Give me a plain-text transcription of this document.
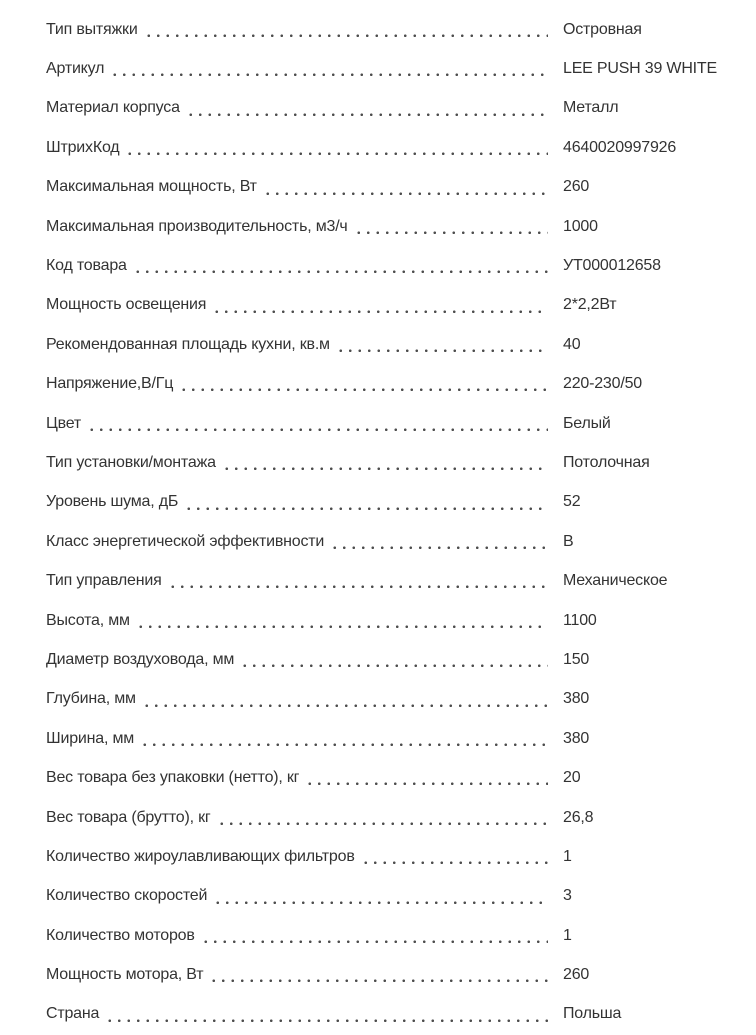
Тип вытяжки	Островная
Артикул	LEE PUSH 39 WHITE
Материал корпуса	Металл
ШтрихКод	4640020997926
Максимальная мощность, Вт	260
Максимальная производительность, м3/ч	1000
Код товара	УТ000012658
Мощность освещения	2*2,2Вт
Рекомендованная площадь кухни, кв.м	40
Напряжение,В/Гц	220-230/50
Цвет	Белый
Тип установки/монтажа	Потолочная
Уровень шума, дБ	52
Класс энергетической эффективности	В
Тип управления	Механическое
Высота, мм	1100
Диаметр воздуховода, мм	150
Глубина, мм	380
Ширина, мм	380
Вес товара без упаковки (нетто), кг	20
Вес товара (брутто), кг	26,8
Количество жироулавливающих фильтров	1
Количество скоростей	3
Количество моторов	1
Мощность мотора, Вт	260
Страна	Польша
